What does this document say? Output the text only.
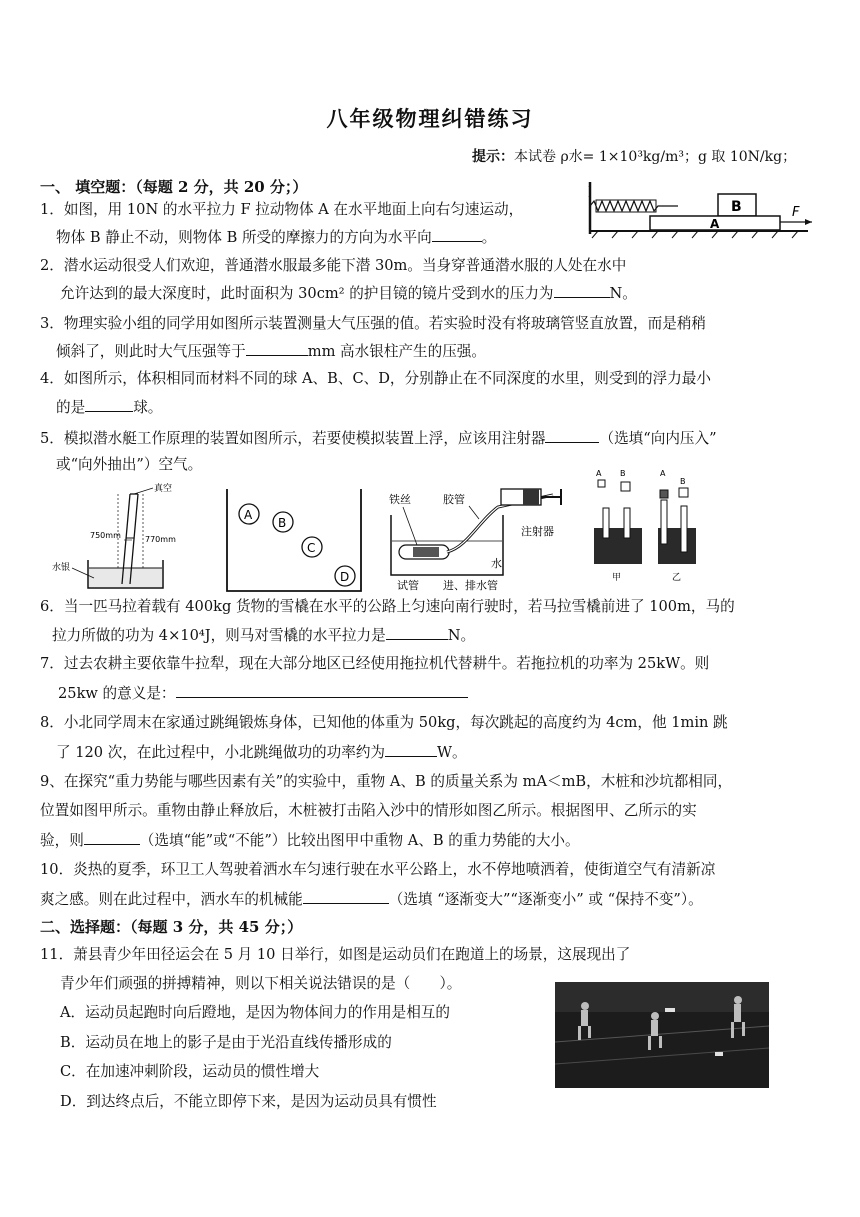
八年级物理纠错练习
提示：本试卷 ρ水= 1×10³kg/m³；g 取 10N/kg；
一、 填空题：（每题 2 分，共 20 分；）
1．如图，用 10N 的水平拉力 F 拉动物体 A 在水平地面上向右匀速运动，
物体 B 静止不动，则物体 B 所受的摩擦力的方向为水平向	。
B
A
F
2．潜水运动很受人们欢迎，普通潜水服最多能下潜 30m。当身穿普通潜水服的人处在水中
允许达到的最大深度时，此时面积为 30cm² 的护目镜的镜片受到水的压力为	N。
3．物理实验小组的同学用如图所示装置测量大气压强的值。若实验时没有将玻璃管竖直放置，而是稍稍
倾斜了，则此时大气压强等于	mm 高水银柱产生的压强。
4．如图所示，体积相同而材料不同的球 A、B、C、D，分别静止在不同深度的水里，则受到的浮力最小
的是	球。
5．模拟潜水艇工作原理的装置如图所示，若要使模拟装置上浮，应该用注射器	（选填“向内压入”
或“向外抽出”）空气。
真空
750mm	770mm
水银
A
B
C
D
铁丝	胶管
注射器
水
试管 进、排水管
A B	A
B
甲	乙
6．当一匹马拉着载有 400kg 货物的雪橇在水平的公路上匀速向南行驶时，若马拉雪橇前进了 100m，马的
拉力所做的功为 4×10⁴J，则马对雪橇的水平拉力是	N。
7．过去农耕主要依靠牛拉犁，现在大部分地区已经使用拖拉机代替耕牛。若拖拉机的功率为 25kW。则
25kw 的意义是：
8．小北同学周末在家通过跳绳锻炼身体，已知他的体重为 50kg，每次跳起的高度约为 4cm，他 1min 跳
了 120 次，在此过程中，小北跳绳做功的功率约为	W。
9、在探究“重力势能与哪些因素有关”的实验中，重物 A、B 的质量关系为 mA＜mB，木桩和沙坑都相同，
位置如图甲所示。重物由静止释放后，木桩被打击陷入沙中的情形如图乙所示。根据图甲、乙所示的实
验，则	（选填“能”或“不能”）比较出图甲中重物 A、B 的重力势能的大小。
10．炎热的夏季，环卫工人驾驶着洒水车匀速行驶在水平公路上，水不停地喷洒着，使街道空气有清新凉
爽之感。则在此过程中，洒水车的机械能	（选填 “逐渐变大”“逐渐变小” 或 “保持不变”）。
二、选择题：（每题 3 分，共 45 分；）
11．萧县青少年田径运会在 5 月 10 日举行，如图是运动员们在跑道上的场景，这展现出了
青少年们顽强的拼搏精神，则以下相关说法错误的是（　　）。
A．运动员起跑时向后蹬地，是因为物体间力的作用是相互的
B．运动员在地上的影子是由于光沿直线传播形成的
C．在加速冲刺阶段，运动员的惯性增大
D．到达终点后，不能立即停下来，是因为运动员具有惯性
